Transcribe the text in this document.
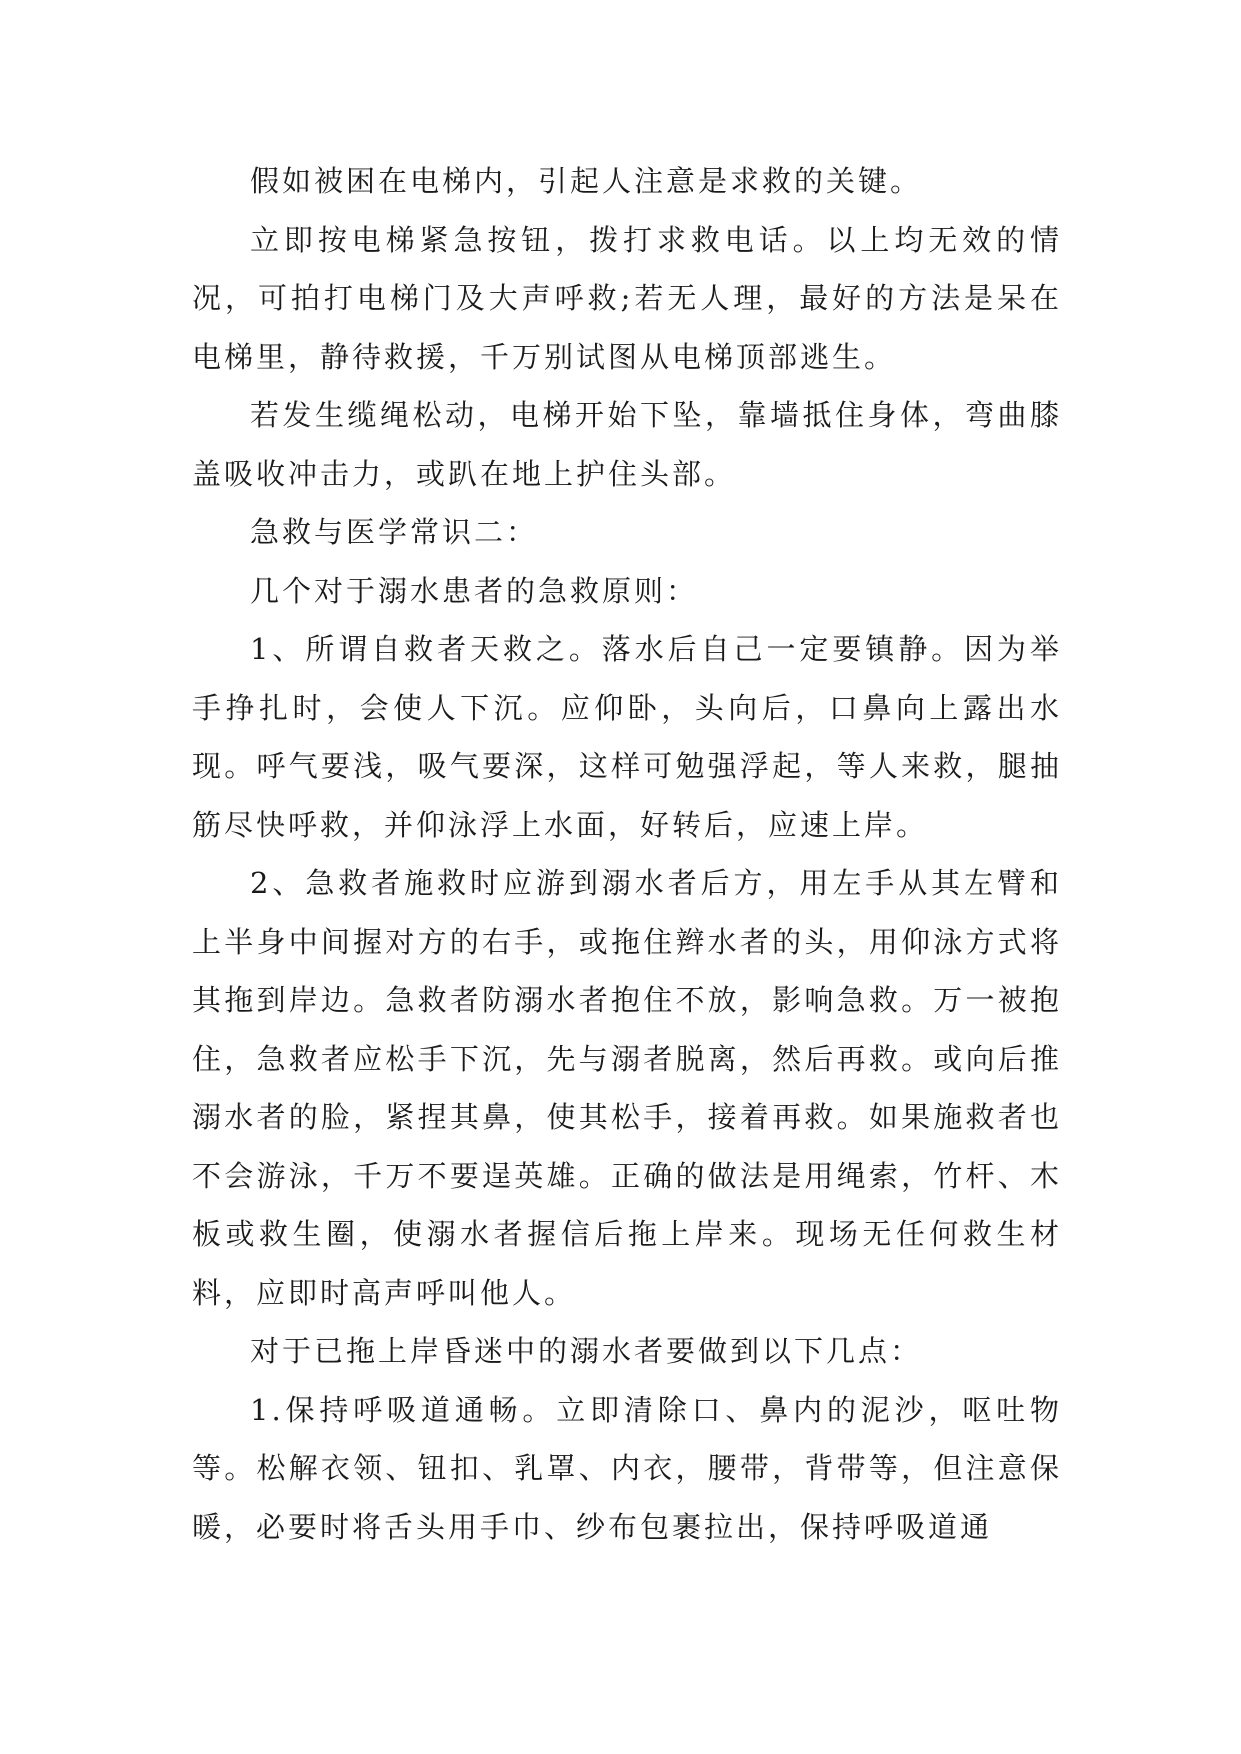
假如被困在电梯内，引起人注意是求救的关键。

立即按电梯紧急按钮，拨打求救电话。以上均无效的情况，可拍打电梯门及大声呼救;若无人理，最好的方法是呆在电梯里，静待救援，千万别试图从电梯顶部逃生。

若发生缆绳松动，电梯开始下坠，靠墙抵住身体，弯曲膝盖吸收冲击力，或趴在地上护住头部。

急救与医学常识二：

几个对于溺水患者的急救原则：

1、所谓自救者天救之。落水后自己一定要镇静。因为举手挣扎时，会使人下沉。应仰卧，头向后，口鼻向上露出水现。呼气要浅，吸气要深，这样可勉强浮起，等人来救，腿抽筋尽快呼救，并仰泳浮上水面，好转后，应速上岸。

2、急救者施救时应游到溺水者后方，用左手从其左臂和上半身中间握对方的右手，或拖住辫水者的头，用仰泳方式将其拖到岸边。急救者防溺水者抱住不放，影响急救。万一被抱住，急救者应松手下沉，先与溺者脱离，然后再救。或向后推溺水者的脸，紧捏其鼻，使其松手，接着再救。如果施救者也不会游泳，千万不要逞英雄。正确的做法是用绳索，竹杆、木板或救生圈，使溺水者握信后拖上岸来。现场无任何救生材料，应即时高声呼叫他人。

对于已拖上岸昏迷中的溺水者要做到以下几点：

1.保持呼吸道通畅。立即清除口、鼻内的泥沙，呕吐物等。松解衣领、钮扣、乳罩、内衣，腰带，背带等，但注意保暖，必要时将舌头用手巾、纱布包裹拉出，保持呼吸道通
